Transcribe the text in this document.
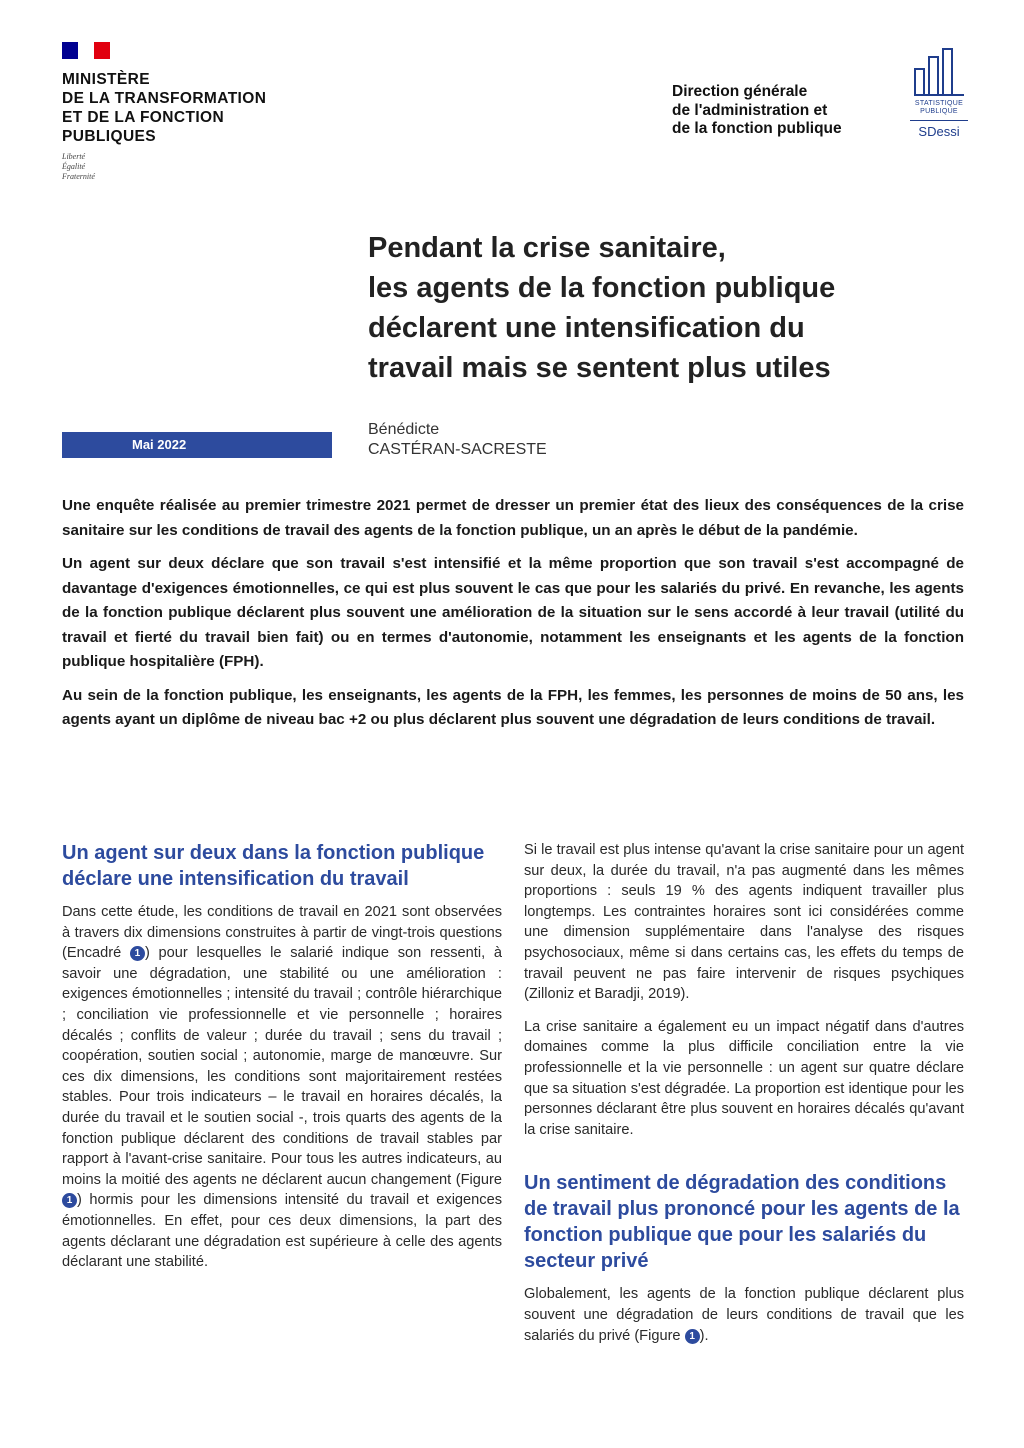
MINISTÈRE
DE LA TRANSFORMATION
ET DE LA FONCTION
PUBLIQUES
Liberté
Égalité
Fraternité
Direction générale
de l'administration et
de la fonction publique
STATISTIQUE
PUBLIQUE
SDessi
Pendant la crise sanitaire,
les agents de la fonction publique
déclarent une intensification du
travail mais se sentent plus utiles
Mai 2022
Bénédicte
CASTÉRAN-SACRESTE

Une enquête réalisée au premier trimestre 2021 permet de dresser un premier état des lieux des conséquences de la crise sanitaire sur les conditions de travail des agents de la fonction publique, un an après le début de la pandémie.

Un agent sur deux déclare que son travail s'est intensifié et la même proportion que son travail s'est accompagné de davantage d'exigences émotionnelles, ce qui est plus souvent le cas que pour les salariés du privé. En revanche, les agents de la fonction publique déclarent plus souvent une amélioration de la situation sur le sens accordé à leur travail (utilité du travail et fierté du travail bien fait) ou en termes d'autonomie, notamment les enseignants et les agents de la fonction publique hospitalière (FPH).

Au sein de la fonction publique, les enseignants, les agents de la FPH, les femmes, les personnes de moins de 50 ans, les agents ayant un diplôme de niveau bac +2 ou plus déclarent plus souvent une dégradation de leurs conditions de travail.

Un agent sur deux dans la fonction publique déclare une intensification du travail

Dans cette étude, les conditions de travail en 2021 sont observées à travers dix dimensions construites à partir de vingt-trois questions (Encadré 1 ) pour lesquelles le salarié indique son ressenti, à savoir une dégradation, une stabilité ou une amélioration : exigences émotionnelles ; intensité du travail ; contrôle hiérarchique ; conciliation vie professionnelle et vie personnelle ; horaires décalés ; conflits de valeur ; durée du travail ; sens du travail ; coopération, soutien social ; autonomie, marge de manœuvre. Sur ces dix dimensions, les conditions sont majoritairement restées stables. Pour trois indicateurs – le travail en horaires décalés, la durée du travail et le soutien social -, trois quarts des agents de la fonction publique déclarent des conditions de travail stables par rapport à l'avant-crise sanitaire. Pour tous les autres indicateurs, au moins la moitié des agents ne déclarent aucun changement (Figure 1 ) hormis pour les dimensions intensité du travail et exigences émotionnelles. En effet, pour ces deux dimensions, la part des agents déclarant une dégradation est supérieure à celle des agents déclarant une stabilité.

Si le travail est plus intense qu'avant la crise sanitaire pour un agent sur deux, la durée du travail, n'a pas augmenté dans les mêmes proportions : seuls 19 % des agents indiquent travailler plus longtemps. Les contraintes horaires sont ici considérées comme une dimension supplémentaire dans l'analyse des risques psychosociaux, même si dans certains cas, les effets du temps de travail peuvent ne pas faire intervenir de risques psychiques (Zilloniz et Baradji, 2019).

La crise sanitaire a également eu un impact négatif dans d'autres domaines comme la plus difficile conciliation entre la vie professionnelle et la vie personnelle : un agent sur quatre déclare que sa situation s'est dégradée. La proportion est identique pour les personnes déclarant être plus souvent en horaires décalés qu'avant la crise sanitaire.

Un sentiment de dégradation des conditions de travail plus prononcé pour les agents de la fonction publique que pour les salariés du secteur privé

Globalement, les agents de la fonction publique déclarent plus souvent une dégradation de leurs conditions de travail que les salariés du privé (Figure 1 ).
